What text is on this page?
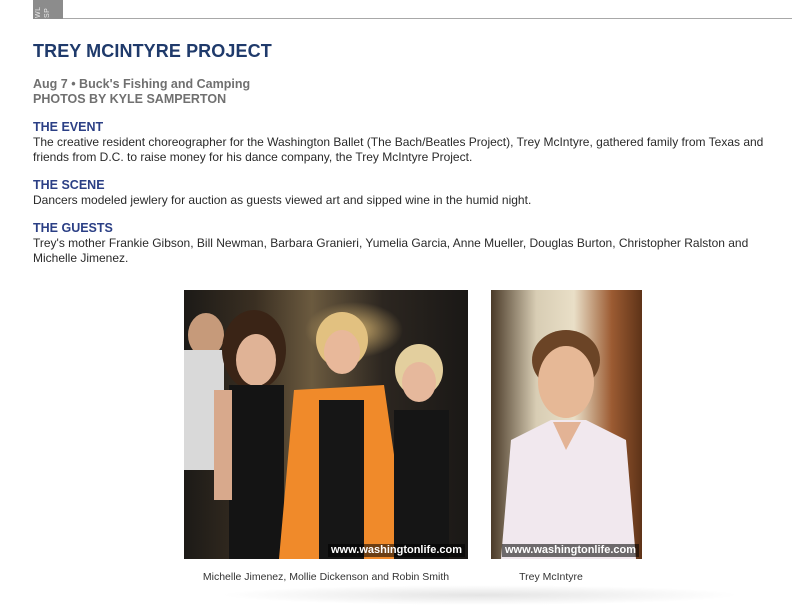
WL SP
TREY MCINTYRE PROJECT
Aug 7 • Buck's Fishing and Camping
PHOTOS BY KYLE SAMPERTON
THE EVENT

The creative resident choreographer for the Washington Ballet (The Bach/Beatles Project), Trey McIntyre, gathered family from Texas and friends from D.C. to raise money for his dance company, the Trey McIntyre Project.

THE SCENE

Dancers modeled jewlery for auction as guests viewed art and sipped wine in the humid night.

THE GUESTS

Trey's mother Frankie Gibson, Bill Newman, Barbara Granieri, Yumelia Garcia, Anne Mueller, Douglas Burton, Christopher Ralston and Michelle Jimenez.

www.washingtonlife.com	www.washingtonlife.com
Michelle Jimenez, Mollie Dickenson and Robin Smith	Trey McIntyre
